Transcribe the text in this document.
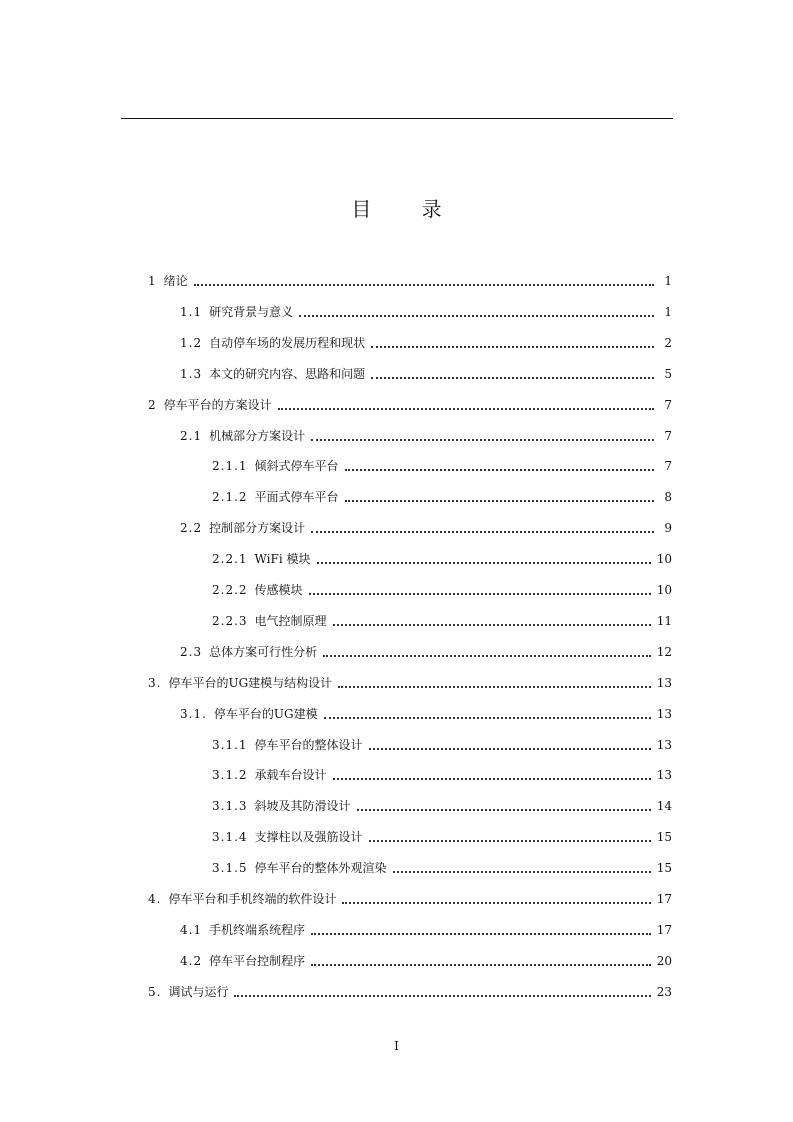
目 录
1 绪论	1
1.1 研究背景与意义	1
1.2 自动停车场的发展历程和现状	2
1.3 本文的研究内容、思路和问题	5
2 停车平台的方案设计	7
2.1 机械部分方案设计	7
2.1.1 倾斜式停车平台	7
2.1.2 平面式停车平台	8
2.2 控制部分方案设计	9
2.2.1 WiFi 模块	10
2.2.2 传感模块	10
2.2.3 电气控制原理	11
2.3 总体方案可行性分析	12
3. 停车平台的UG建模与结构设计	13
3.1. 停车平台的UG建模	13
3.1.1 停车平台的整体设计	13
3.1.2 承载车台设计	13
3.1.3 斜坡及其防滑设计	14
3.1.4 支撑柱以及强筋设计	15
3.1.5 停车平台的整体外观渲染	15
4. 停车平台和手机终端的软件设计	17
4.1 手机终端系统程序	17
4.2 停车平台控制程序	20
5. 调试与运行	23
I
